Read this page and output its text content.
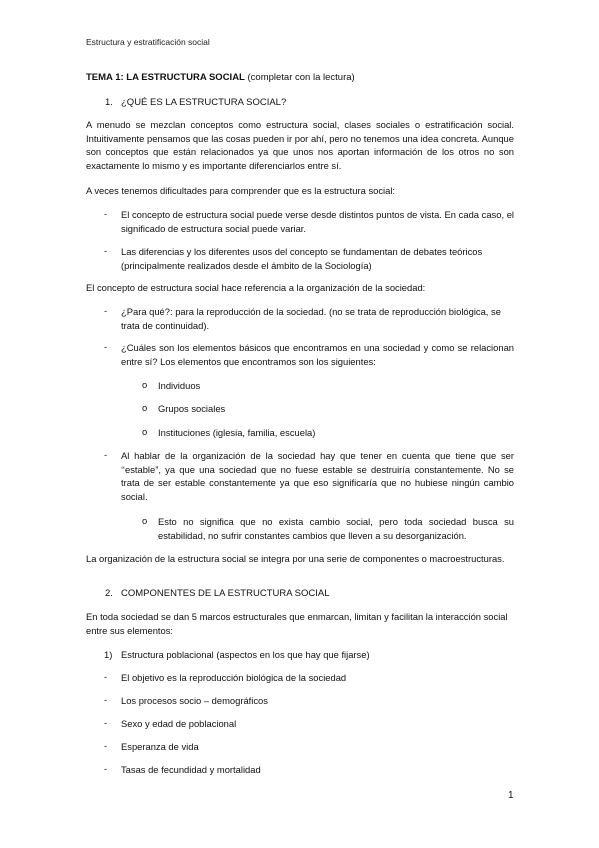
Estructura y estratificación social
TEMA 1: LA ESTRUCTURA SOCIAL (completar con la lectura)
1. ¿QUÉ ES LA ESTRUCTURA SOCIAL?
A menudo se mezclan conceptos como estructura social, clases sociales o estratificación social. Intuitivamente pensamos que las cosas pueden ir por ahí, pero no tenemos una idea concreta. Aunque son conceptos que están relacionados ya que unos nos aportan información de los otros no son exactamente lo mismo y es importante diferenciarlos entre sí.
A veces tenemos dificultades para comprender que es la estructura social:
- El concepto de estructura social puede verse desde distintos puntos de vista. En cada caso, el significado de estructura social puede variar.
- Las diferencias y los diferentes usos del concepto se fundamentan de debates teóricos (principalmente realizados desde el ámbito de la Sociología)
El concepto de estructura social hace referencia a la organización de la sociedad:
- ¿Para qué?: para la reproducción de la sociedad. (no se trata de reproducción biológica, se trata de continuidad).
- ¿Cuáles son los elementos básicos que encontramos en una sociedad y como se relacionan entre sí? Los elementos que encontramos son los siguientes:
o Individuos
o Grupos sociales
o Instituciones (iglesia, familia, escuela)
- Al hablar de la organización de la sociedad hay que tener en cuenta que tiene que ser ‘‘estable”, ya que una sociedad que no fuese estable se destruiría constantemente. No se trata de ser estable constantemente ya que eso significaría que no hubiese ningún cambio social.
o Esto no significa que no exista cambio social, pero toda sociedad busca su estabilidad, no sufrir constantes cambios que lleven a su desorganización.
La organización de la estructura social se integra por una serie de componentes o macroestructuras.
2. COMPONENTES DE LA ESTRUCTURA SOCIAL
En toda sociedad se dan 5 marcos estructurales que enmarcan, limitan y facilitan la interacción social entre sus elementos:
1) Estructura poblacional (aspectos en los que hay que fijarse)
- El objetivo es la reproducción biológica de la sociedad
- Los procesos socio – demográficos
- Sexo y edad de poblacional
- Esperanza de vida
- Tasas de fecundidad y mortalidad
1
